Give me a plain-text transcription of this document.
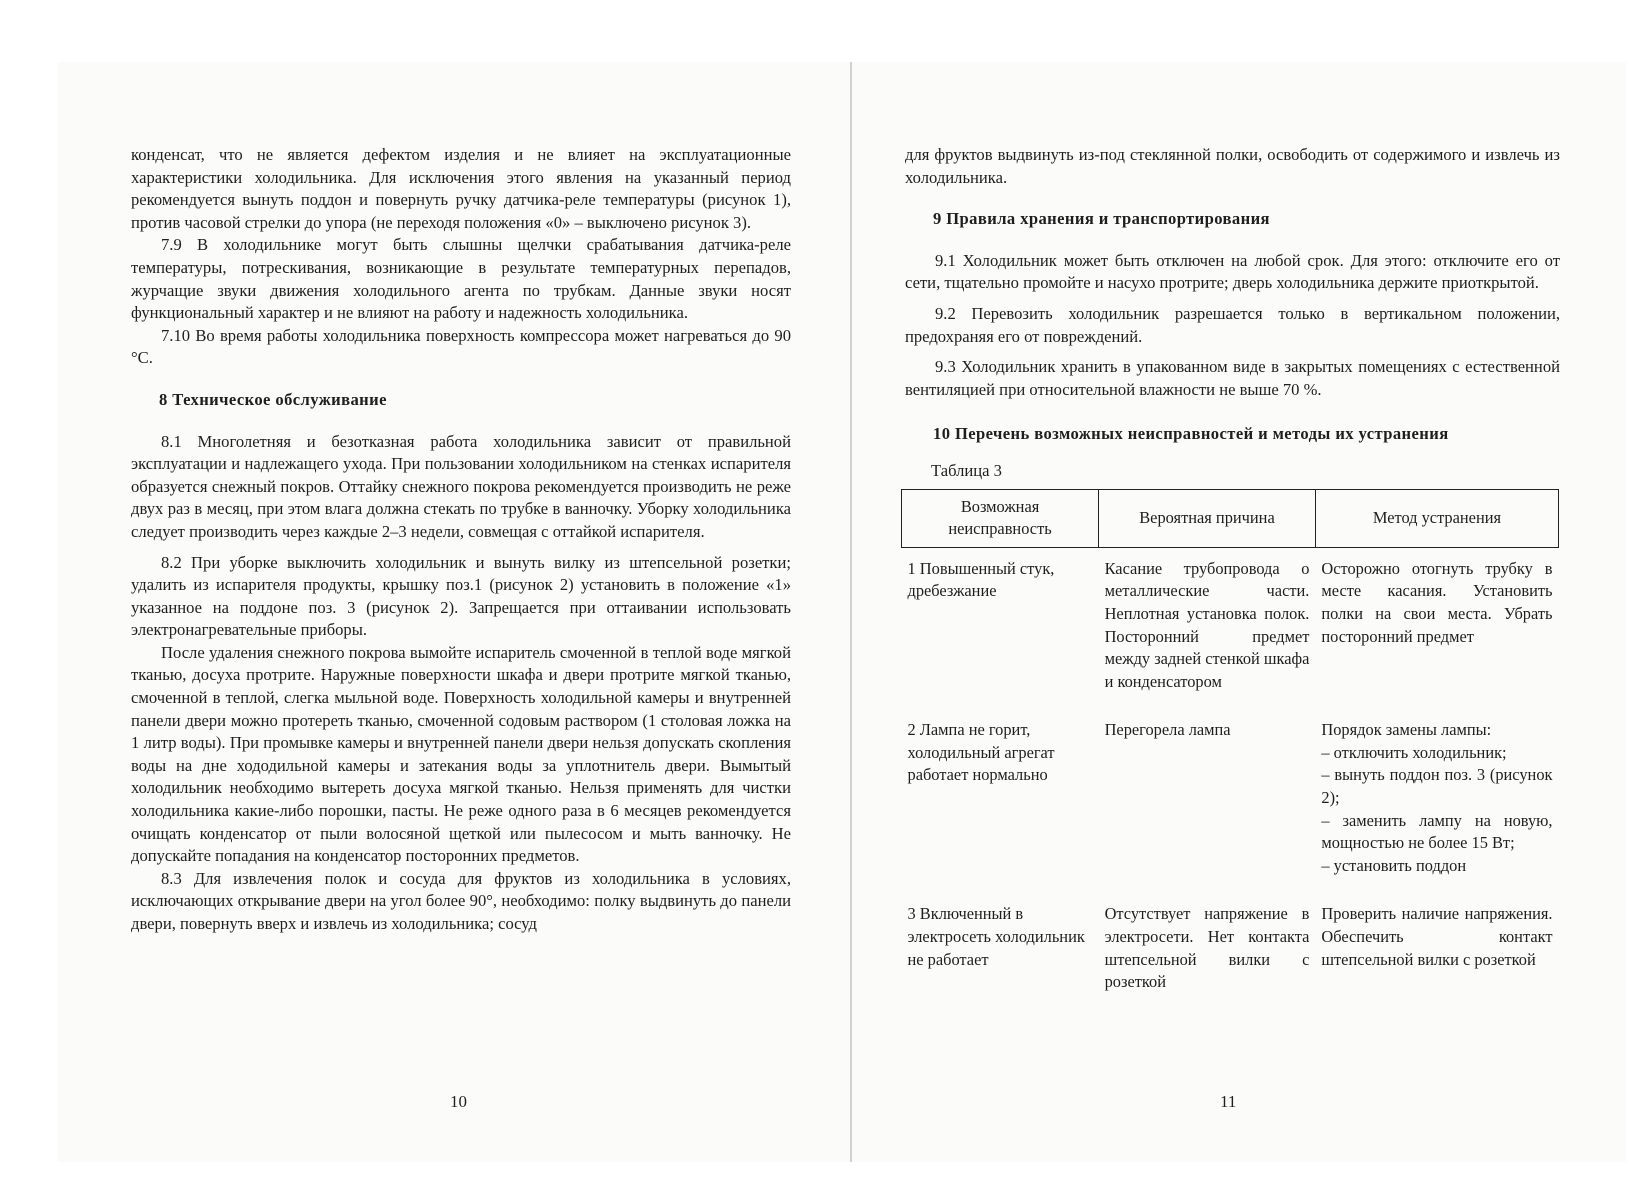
конденсат, что не является дефектом изделия и не влияет на эксплуатационные характеристики холодильника. Для исключения этого явления на указанный период рекомендуется вынуть поддон и повернуть ручку датчика-реле температуры (рисунок 1), против часовой стрелки до упора (не переходя положения «0» – выключено рисунок 3).

7.9 В холодильнике могут быть слышны щелчки срабатывания датчика-реле температуры, потрескивания, возникающие в результате температурных перепадов, журчащие звуки движения холодильного агента по трубкам. Данные звуки носят функциональный характер и не влияют на работу и надежность холодильника.

7.10 Во время работы холодильника поверхность компрессора может нагреваться до 90 °С.

8 Техническое обслуживание

8.1 Многолетняя и безотказная работа холодильника зависит от правильной эксплуатации и надлежащего ухода. При пользовании холодильником на стенках испарителя образуется снежный покров. Оттайку снежного покрова рекомендуется производить не реже двух раз в месяц, при этом влага должна стекать по трубке в ванночку. Уборку холодильника следует производить через каждые 2–3 недели, совмещая с оттайкой испарителя.

8.2 При уборке выключить холодильник и вынуть вилку из штепсельной розетки; удалить из испарителя продукты, крышку поз.1 (рисунок 2) установить в положение «1» указанное на поддоне поз. 3 (рисунок 2). Запрещается при оттаивании использовать электронагревательные приборы.

После удаления снежного покрова вымойте испаритель смоченной в теплой воде мягкой тканью, досуха протрите. Наружные поверхности шкафа и двери протрите мягкой тканью, смоченной в теплой, слегка мыльной воде. Поверхность холодильной камеры и внутренней панели двери можно протереть тканью, смоченной содовым раствором (1 столовая ложка на 1 литр воды). При промывке камеры и внутренней панели двери нельзя допускать скопления воды на дне хододильной камеры и затекания воды за уплотнитель двери. Вымытый холодильник необходимо вытереть досуха мягкой тканью. Нельзя применять для чистки холодильника какие-либо порошки, пасты. Не реже одного раза в 6 месяцев рекомендуется очищать конденсатор от пыли волосяной щеткой или пылесосом и мыть ванночку. Не допускайте попадания на конденсатор посторонних предметов.

8.3 Для извлечения полок и сосуда для фруктов из холодильника в условиях, исключающих открывание двери на угол более 90°, необходимо: полку выдвинуть до панели двери, повернуть вверх и извлечь из холодильника; сосуд

10

для фруктов выдвинуть из-под стеклянной полки, освободить от содержимого и извлечь из холодильника.

9 Правила хранения и транспортирования

9.1 Холодильник может быть отключен на любой срок. Для этого: отключите его от сети, тщательно промойте и насухо протрите; дверь холодильника держите приоткрытой.

9.2 Перевозить холодильник разрешается только в вертикальном положении, предохраняя его от повреждений.

9.3 Холодильник хранить в упакованном виде в закрытых помещениях с естественной вентиляцией при относительной влажности не выше 70 %.

10 Перечень возможных неисправностей и методы их устранения

Таблица 3

Возможная неисправность	Вероятная причина	Метод устранения

1 Повышенный стук, дребезжание	Касание трубопровода о металлические части. Неплотная установка полок. Посторонний предмет между задней стенкой шкафа и конденсатором	Осторожно отогнуть трубку в месте касания. Установить полки на свои места. Убрать посторонний предмет

2 Лампа не горит, холодильный агрегат работает нормально	Перегорела лампа	Порядок замены лампы:
– отключить холодильник;
– вынуть поддон поз. 3 (рисунок 2);
– заменить лампу на новую, мощностью не более 15 Вт;
– установить поддон

3 Включенный в электросеть холодильник не работает	Отсутствует напряжение в электросети. Нет контакта штепсельной вилки с розеткой	Проверить наличие напряжения. Обеспечить контакт штепсельной вилки с розеткой
11
